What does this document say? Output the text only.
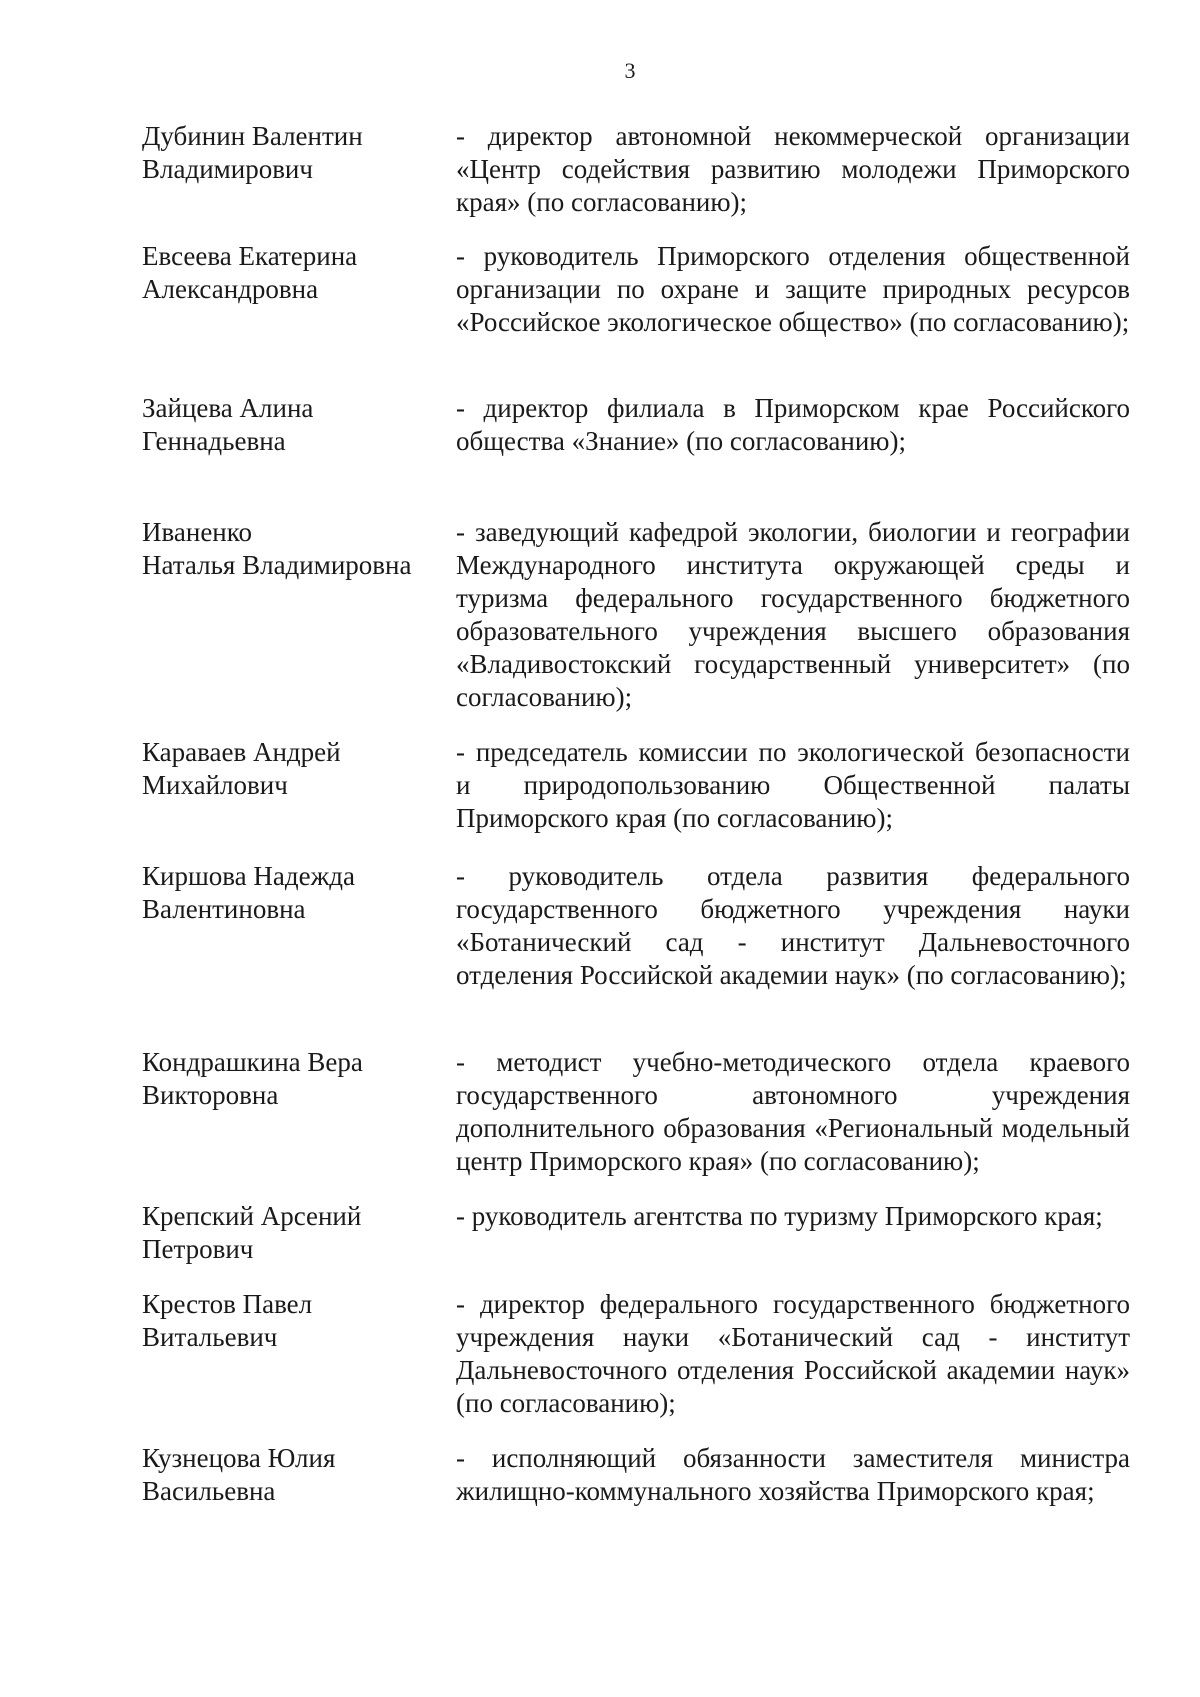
3
Дубинин Валентин
Владимирович
- директор автономной некоммерческой организации «Центр содействия развитию молодежи Приморского края» (по согласованию);
Евсеева Екатерина
Александровна
- руководитель Приморского отделения общественной организации по охране и защите природных ресурсов «Российское экологическое общество» (по согласованию);
Зайцева Алина
Геннадьевна
- директор филиала в Приморском крае Российского общества «Знание» (по согласованию);
Иваненко
Наталья Владимировна
- заведующий кафедрой экологии, биологии и географии Международного института окружающей среды и туризма федерального государственного бюджетного образовательного учреждения высшего образования «Владивостокский государственный университет» (по согласованию);
Караваев Андрей
Михайлович
- председатель комиссии по экологической безопасности и природопользованию Общественной палаты Приморского края (по согласованию);
Киршова Надежда
Валентиновна
- руководитель отдела развития федерального государственного бюджетного учреждения науки «Ботанический сад - институт Дальневосточного отделения Российской академии наук» (по согласованию);
Кондрашкина Вера
Викторовна
- методист учебно-методического отдела краевого государственного автономного учреждения дополнительного образования «Региональный модельный центр Приморского края» (по согласованию);
Крепский Арсений
Петрович
- руководитель агентства по туризму Приморского края;
Крестов Павел
Витальевич
- директор федерального государственного бюджетного учреждения науки «Ботанический сад - институт Дальневосточного отделения Российской академии наук» (по согласованию);
Кузнецова Юлия
Васильевна
- исполняющий обязанности заместителя министра жилищно-коммунального хозяйства Приморского края;
